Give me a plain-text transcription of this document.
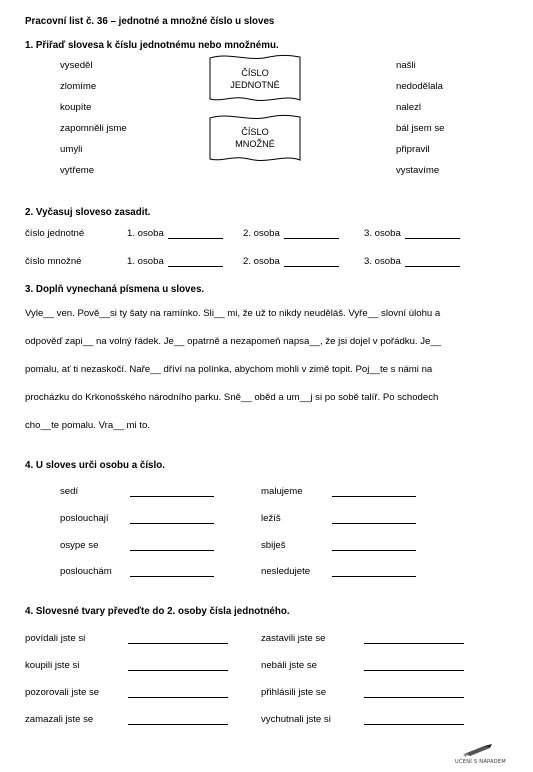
Pracovní list č. 36 – jednotné a množné číslo u sloves
1. Přiřaď slovesa k číslu jednotnému nebo množnému.
vyseděl
zlomíme
koupíte
zapomněli jsme
umyli
vytřeme
našli
nedodělala
nalezl
bál jsem se
připravil
vystavíme
ČÍSLO
JEDNOTNÉ
ČÍSLO
MNOŽNÉ
2. Vyčasuj sloveso zasadit.
číslo jednotné	1. osoba	2. osoba	3. osoba
číslo množné	1. osoba	2. osoba	3. osoba
3. Doplň vynechaná písmena u sloves.
Vyle__ ven. Pově__si ty šaty na ramínko. Sli__ mi, že už to nikdy neuděláš. Vyře__ slovní úlohu a
odpověď zapi__ na volný řádek. Je__ opatrně a nezapomeň napsa__, že jsi dojel v pořádku. Je__
pomalu, ať ti nezaskočí. Nař​e__ dříví na polínka, abychom mohli v zimě topit. Poj__te s námi na
procházku do Krkonošského národního parku. Sně__ oběd a um__j si po sobě talíř. Po schodech
cho__te pomalu. Vra__ mi to.
4. U sloves urči osobu a číslo.
sedí
poslouchají
osype se
poslouchám
malujeme
ležíš
sbiješ
nesledujete
4. Slovesné tvary převeďte do 2. osoby čísla jednotného.
povídali jste si
koupili jste si
pozorovali jste se
zamazali jste se
zastavili jste se
nebáli jste se
přihlásili jste se
vychutnali jste si
UČENÍ S NÁPADEM
